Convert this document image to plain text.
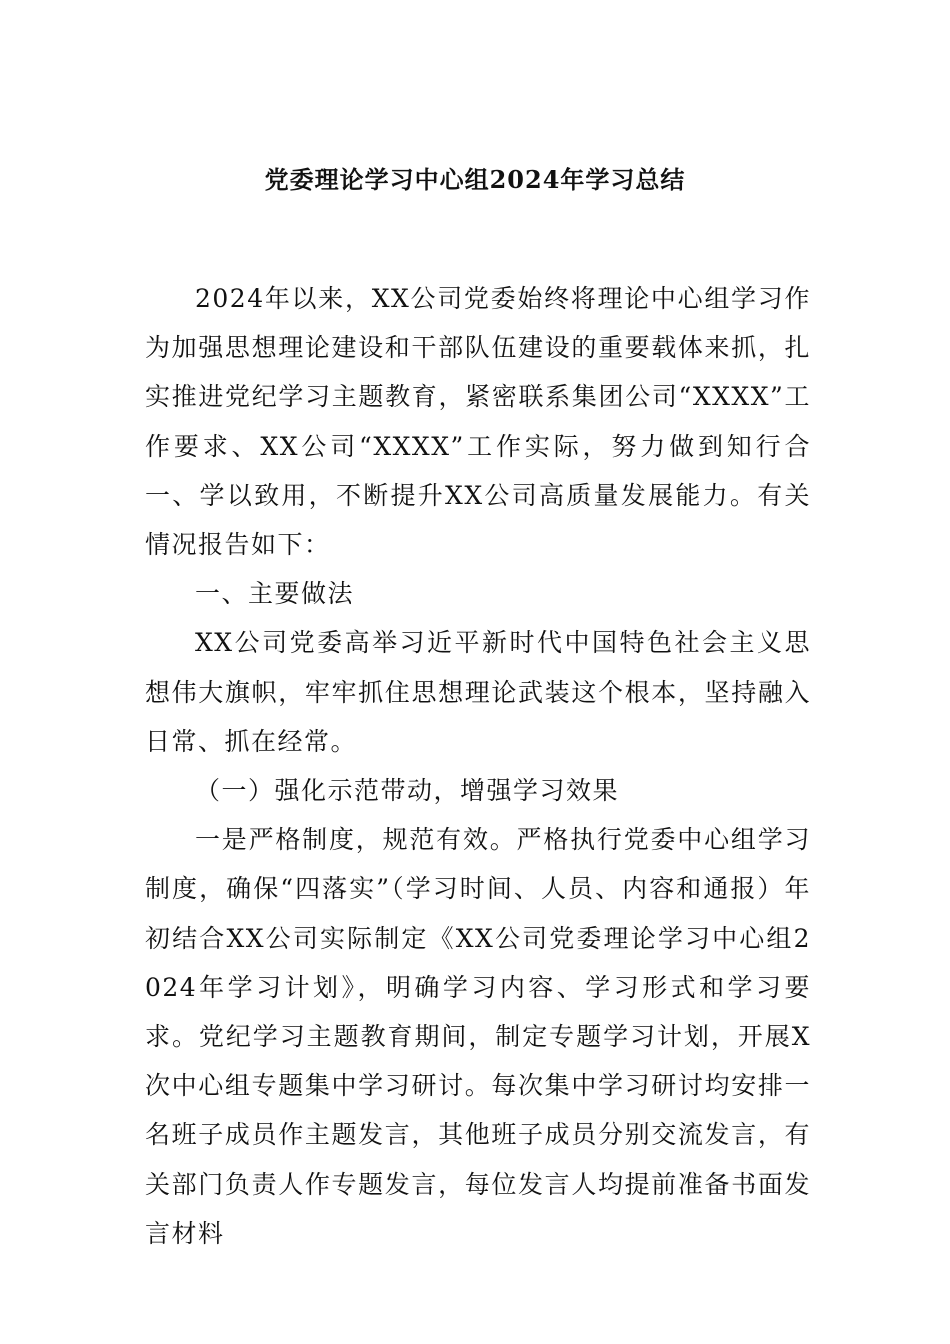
党委理论学习中心组2024年学习总结

2024年以来，XX公司党委始终将理论中心组学习作为加强思想理论建设和干部队伍建设的重要载体来抓，扎实推进党纪学习主题教育，紧密联系集团公司“XXXX”工作要求、XX公司“XXXX”工作实际，努力做到知行合一、学以致用，不断提升XX公司高质量发展能力。有关情况报告如下：

一、主要做法

XX公司党委高举习近平新时代中国特色社会主义思想伟大旗帜，牢牢抓住思想理论武装这个根本，坚持融入日常、抓在经常。

（一）强化示范带动，增强学习效果

一是严格制度，规范有效。严格执行党委中心组学习制度，确保“四落实”（学习时间、人员、内容和通报）年初结合XX公司实际制定《XX公司党委理论学习中心组2024年学习计划》，明确学习内容、学习形式和学习要求。党纪学习主题教育期间，制定专题学习计划，开展X次中心组专题集中学习研讨。每次集中学习研讨均安排一名班子成员作主题发言，其他班子成员分别交流发言，有关部门负责人作专题发言，每位发言人均提前准备书面发言材料
